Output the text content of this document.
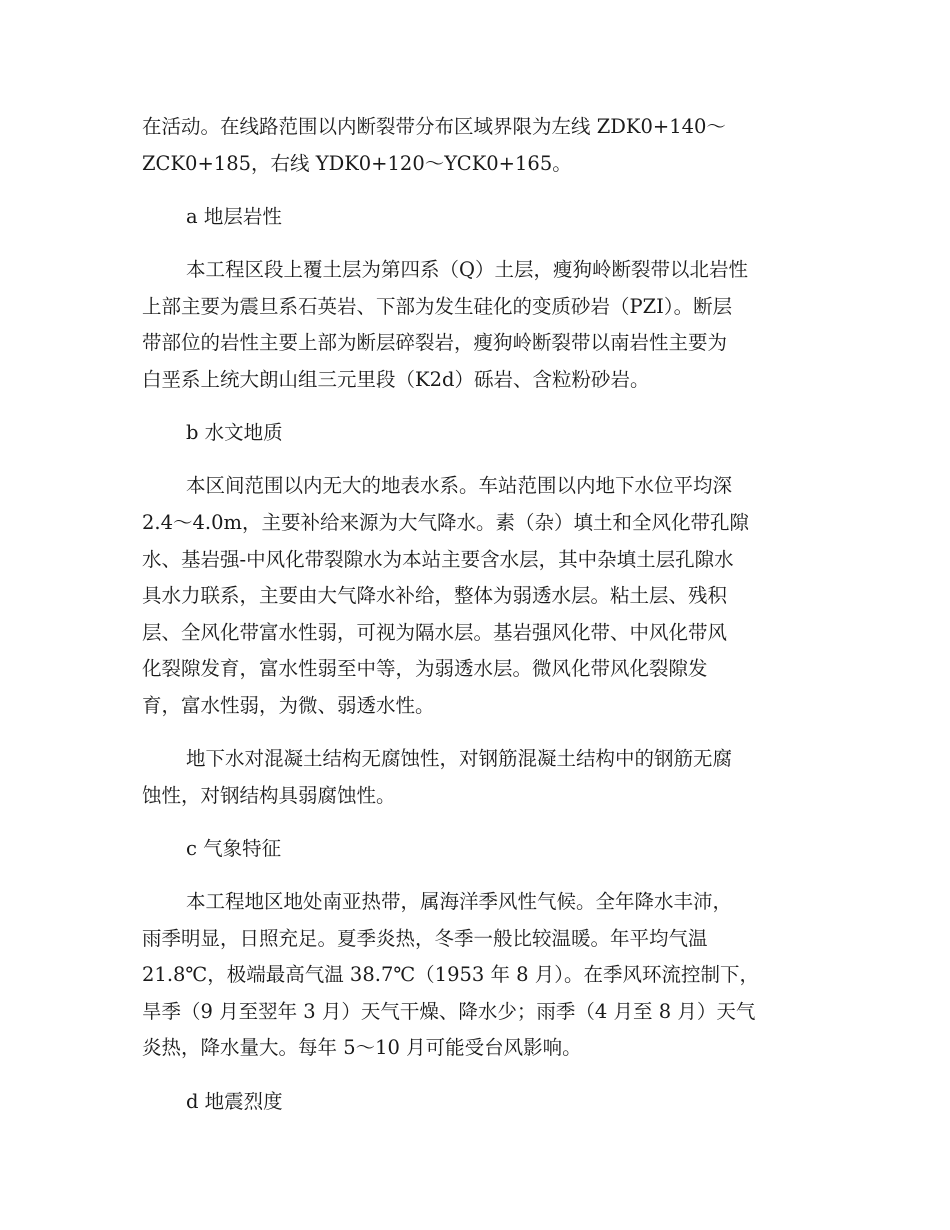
在活动。在线路范围以内断裂带分布区域界限为左线 ZDK0+140～
ZCK0+185，右线 YDK0+120～YCK0+165。
a 地层岩性
本工程区段上覆土层为第四系（Q）土层，瘦狗岭断裂带以北岩性
上部主要为震旦系石英岩、下部为发生硅化的变质砂岩（PZI）。断层
带部位的岩性主要上部为断层碎裂岩，瘦狗岭断裂带以南岩性主要为
白垩系上统大朗山组三元里段（K2d）砾岩、含粒粉砂岩。
b 水文地质
本区间范围以内无大的地表水系。车站范围以内地下水位平均深
2.4～4.0m，主要补给来源为大气降水。素（杂）填土和全风化带孔隙
水、基岩强-中风化带裂隙水为本站主要含水层，其中杂填土层孔隙水
具水力联系，主要由大气降水补给，整体为弱透水层。粘土层、残积
层、全风化带富水性弱，可视为隔水层。基岩强风化带、中风化带风
化裂隙发育，富水性弱至中等，为弱透水层。微风化带风化裂隙发
育，富水性弱，为微、弱透水性。
地下水对混凝土结构无腐蚀性，对钢筋混凝土结构中的钢筋无腐
蚀性，对钢结构具弱腐蚀性。
c 气象特征
本工程地区地处南亚热带，属海洋季风性气候。全年降水丰沛，
雨季明显，日照充足。夏季炎热，冬季一般比较温暖。年平均气温
21.8℃，极端最高气温 38.7℃（1953 年 8 月）。在季风环流控制下，
旱季（9 月至翌年 3 月）天气干燥、降水少；雨季（4 月至 8 月）天气
炎热，降水量大。每年 5～10 月可能受台风影响。
d 地震烈度
